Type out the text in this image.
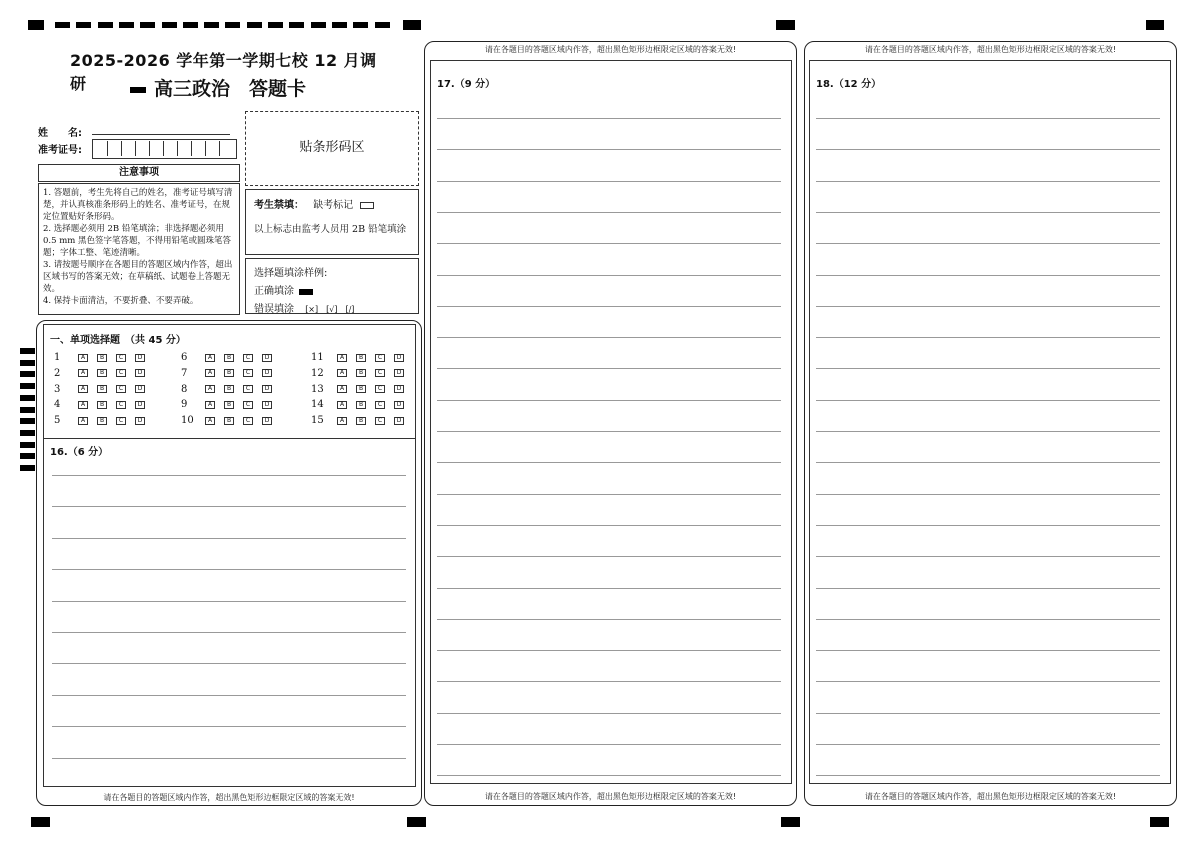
2025-2026 学年第一学期七校 12 月调研	高三政治　答题卡
姓　　名:
准考证号:	贴条形码区
注意事项
1. 答题前，考生先将自己的姓名，准考证号填写清楚，并认真核准条形码上的姓名、准考证号，在规定位置贴好条形码。
2. 选择题必须用 2B 铅笔填涂；非选择题必须用 0.5 mm 黑色签字笔答题，不得用铅笔或圆珠笔答题；字体工整、笔迹清晰。
3. 请按题号顺序在各题目的答题区域内作答，超出区域书写的答案无效；在草稿纸、试题卷上答题无效。
4. 保持卡面清洁，不要折叠、不要弄破。
考生禁填： 缺考标记
以上标志由监考人员用 2B 铅笔填涂
选择题填涂样例:
正确填涂
错误填涂 [×]　[√]　[/]
一、单项选择题　（共 45 分）
1	A B C D
2	A B C D
3	A B C D
4	A B C D
5	A B C D
6	A B C D
7	A B C D
8	A B C D
9	A B C D
10 A B C D
11	A B C D
12	A B C D
13	A B C D
14	A B C D
15	A B C D
16.（6 分）
请在各题目的答题区域内作答，超出黑色矩形边框限定区域的答案无效!
请在各题目的答题区域内作答，超出黑色矩形边框限定区域的答案无效!
17.（9 分）
请在各题目的答题区域内作答，超出黑色矩形边框限定区域的答案无效!
请在各题目的答题区域内作答，超出黑色矩形边框限定区域的答案无效!
18.（12 分）
请在各题目的答题区域内作答，超出黑色矩形边框限定区域的答案无效!
